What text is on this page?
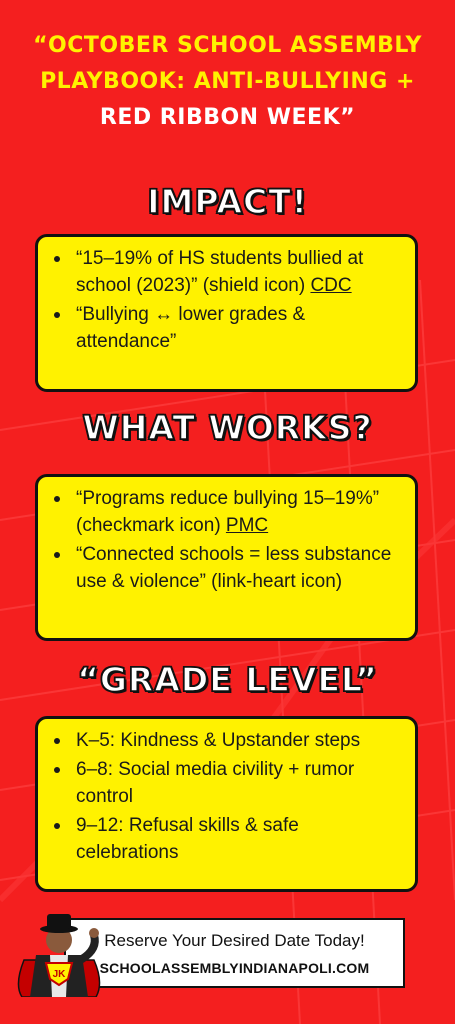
“OCTOBER SCHOOL ASSEMBLY
PLAYBOOK: ANTI-BULLYING +
RED RIBBON WEEK”
IMPACT!
“15–19% of HS students bullied at school (2023)” (shield icon) CDC
“Bullying ↔ lower grades & attendance”
WHAT WORKS?
“Programs reduce bullying 15–19%” (checkmark icon) PMC
“Connected schools = less substance use & violence” (link-heart icon)
“GRADE LEVEL”
K–5: Kindness & Upstander steps
6–8: Social media civility + rumor control
9–12: Refusal skills & safe celebrations
Reserve Your Desired Date Today!
SCHOOLASSEMBLYINDIANAPOLI.COM
JK
